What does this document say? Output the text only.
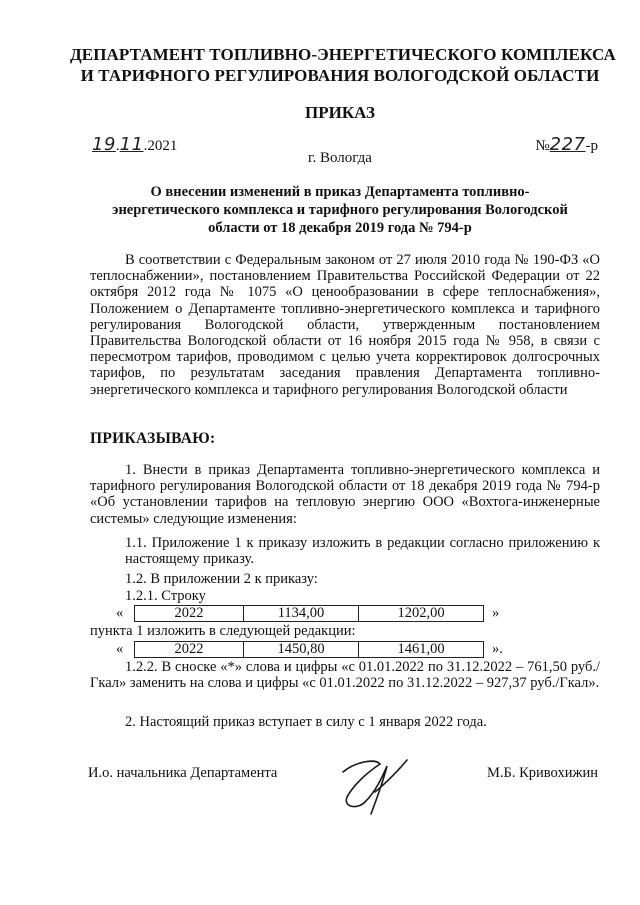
ДЕПАРТАМЕНТ ТОПЛИВНО-ЭНЕРГЕТИЧЕСКОГО КОМПЛЕКСА
И ТАРИФНОГО РЕГУЛИРОВАНИЯ ВОЛОГОДСКОЙ ОБЛАСТИ
ПРИКАЗ
19.11.2021	№227-р
г. Вологда
О внесении изменений в приказ Департамента топливно-
энергетического комплекса и тарифного регулирования Вологодской
области от 18 декабря 2019 года № 794-р
В соответствии с Федеральным законом от 27 июля 2010 года № 190-ФЗ «О теплоснабжении», постановлением Правительства Российской Федерации от 22 октября 2012 года № 1075 «О ценообразовании в сфере теплоснабжения», Положением о Департаменте топливно-энергетического комплекса и тарифного регулирования Вологодской области, утвержденным постановлением Правительства Вологодской области от 16 ноября 2015 года № 958, в связи с пересмотром тарифов, проводимом с целью учета корректировок долгосрочных тарифов, по результатам заседания правления Департамента топливно-энергетического комплекса и тарифного регулирования Вологодской области
ПРИКАЗЫВАЮ:
1. Внести в приказ Департамента топливно-энергетического комплекса и тарифного регулирования Вологодской области от 18 декабря 2019 года № 794-р «Об установлении тарифов на тепловую энергию ООО «Вохтога-инженерные системы» следующие изменения:
1.1. Приложение 1 к приказу изложить в редакции согласно приложению к настоящему приказу.
1.2. В приложении 2 к приказу:
1.2.1. Строку
«	2022	1134,00	1202,00	»
пункта 1 изложить в следующей редакции:
«	2022	1450,80	1461,00	».
1.2.2. В сноске «*» слова и цифры «с 01.01.2022 по 31.12.2022 – 761,50 руб./Гкал» заменить на слова и цифры «с 01.01.2022 по 31.12.2022 – 927,37 руб./Гкал».
2. Настоящий приказ вступает в силу с 1 января 2022 года.
И.о. начальника Департамента	М.Б. Кривохижин
